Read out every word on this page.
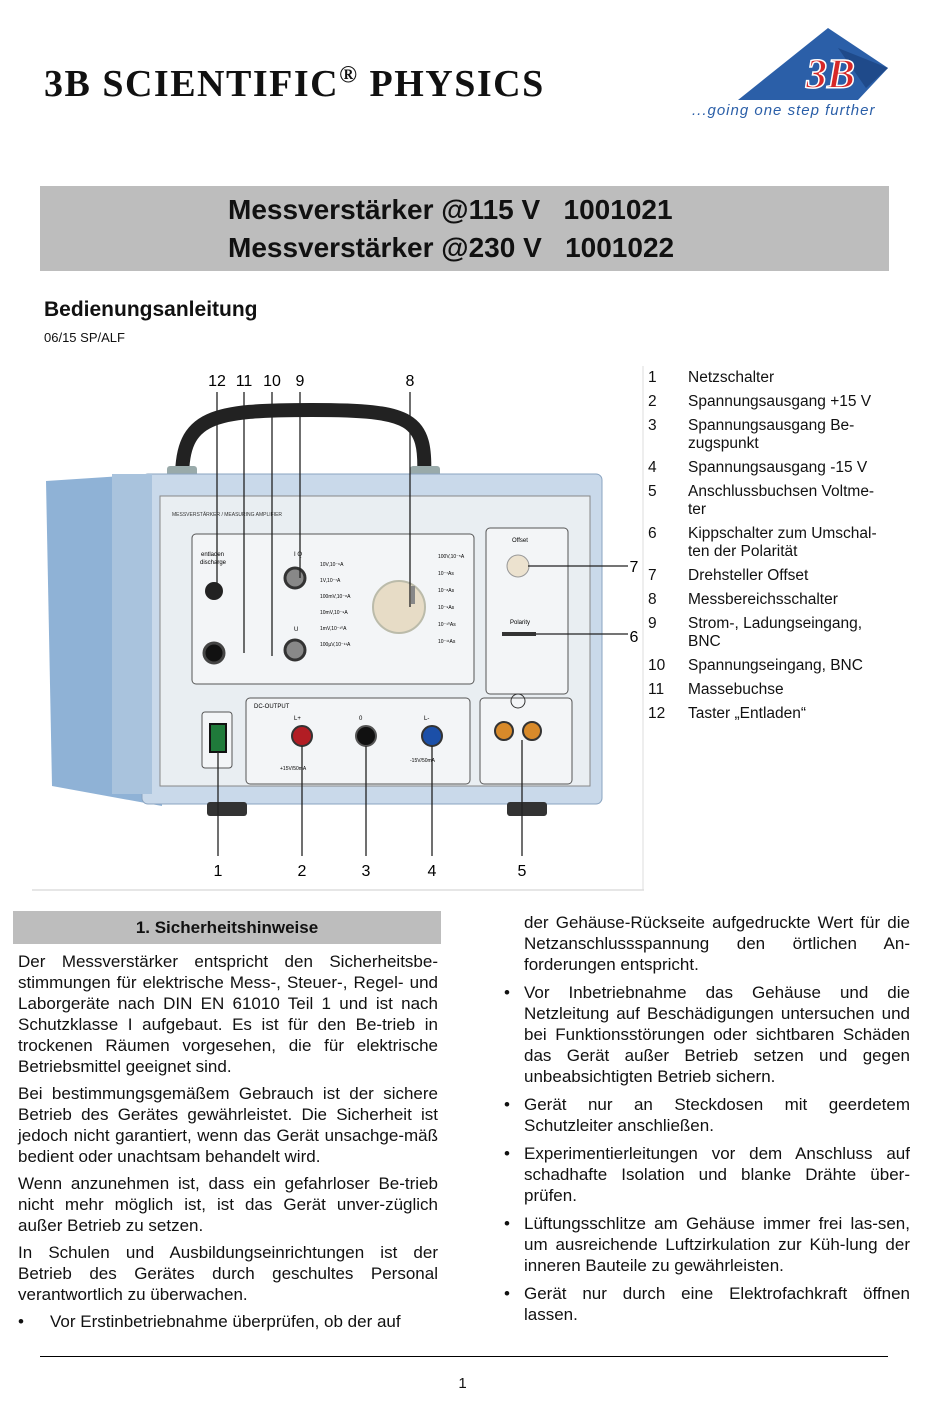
3B SCIENTIFIC® PHYSICS	3B
...going one step further
Messverstärker @115 V   1001021
Messverstärker @230 V   1001022
Bedienungsanleitung
06/15 SP/ALF
MESSVERSTÄRKER / MEASURING AMPLIFIER
entladen
discharge
I Q
U
Offset
Polarity
DC-OUTPUT
L+	0	L-
+15V/50mA
-15V/50mA
10V,10⁻⁶A
1V,10⁻⁷A
100mV,10⁻⁸A
10mV,10⁻⁹A
1mV,10⁻¹⁰A
100µV,10⁻¹¹A
100V,10⁻⁵A
10⁻⁷As
10⁻⁸As
10⁻⁹As
10⁻¹⁰As
10⁻¹¹As
12 11 10 9	8
1	2	3	4	5
7
6
1	Netzschalter
2	Spannungsausgang +15 V
3	Spannungsausgang Be-
zugspunkt
4	Spannungsausgang -15 V
5	Anschlussbuchsen Voltme-
ter
6	Kippschalter zum Umschal-
ten der Polarität
7	Drehsteller Offset
8	Messbereichsschalter
9	Strom-, Ladungseingang,
BNC
10	Spannungseingang, BNC
11	Massebuchse
12	Taster „Entladen“
1. Sicherheitshinweise

Der Messverstärker entspricht den Sicherheitsbe-stimmungen für elektrische Mess-, Steuer-, Regel- und Laborgeräte nach DIN EN 61010 Teil 1 und ist nach Schutzklasse I aufgebaut. Es ist für den Be-trieb in trockenen Räumen vorgesehen, die für elektrische Betriebsmittel geeignet sind.

Bei bestimmungsgemäßem Gebrauch ist der sichere Betrieb des Gerätes gewährleistet. Die Sicherheit ist jedoch nicht garantiert, wenn das Gerät unsachge-mäß bedient oder unachtsam behandelt wird.

Wenn anzunehmen ist, dass ein gefahrloser Be-trieb nicht mehr möglich ist, ist das Gerät unver-züglich außer Betrieb zu setzen.

In Schulen und Ausbildungseinrichtungen ist der Betrieb des Gerätes durch geschultes Personal verantwortlich zu überwachen.

•	Vor Erstinbetriebnahme überprüfen, ob der auf
der Gehäuse-Rückseite aufgedruckte Wert für die Netzanschlussspannung den örtlichen An-forderungen entspricht.
• Vor Inbetriebnahme das Gehäuse und die Netzleitung auf Beschädigungen untersuchen und bei Funktionsstörungen oder sichtbaren Schäden das Gerät außer Betrieb setzen und gegen unbeabsichtigten Betrieb sichern.
• Gerät nur an Steckdosen mit geerdetem Schutzleiter anschließen.
• Experimentierleitungen vor dem Anschluss auf schadhafte Isolation und blanke Drähte über-prüfen.
• Lüftungsschlitze am Gehäuse immer frei las-sen, um ausreichende Luftzirkulation zur Küh-lung der inneren Bauteile zu gewährleisten.
• Gerät nur durch eine Elektrofachkraft öffnen lassen.
1
